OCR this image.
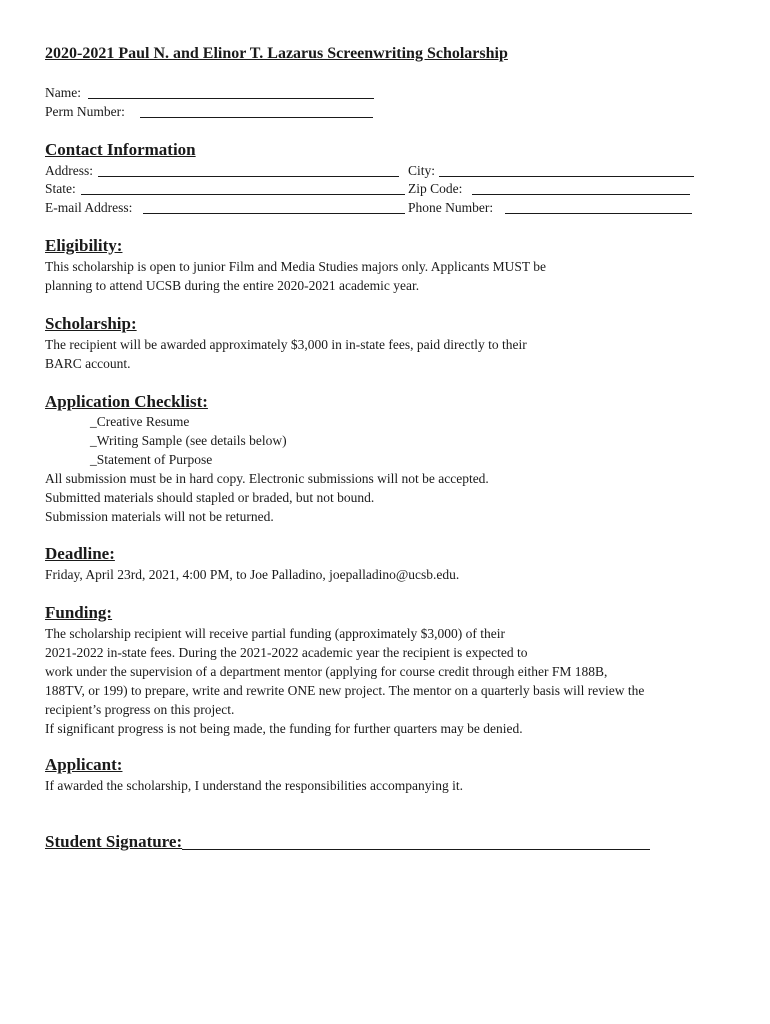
2020-2021 Paul N. and Elinor T. Lazarus Screenwriting Scholarship
Name:
Perm Number:
Contact Information
Address:	City:
State:	Zip Code:
E-mail Address:	Phone Number:
Eligibility:
This scholarship is open to junior Film and Media Studies majors only. Applicants MUST be
planning to attend UCSB during the entire 2020-2021 academic year.
Scholarship:
The recipient will be awarded approximately $3,000 in in-state fees, paid directly to their
BARC account.
Application Checklist:
_Creative Resume
_Writing Sample (see details below)
_Statement of Purpose
All submission must be in hard copy. Electronic submissions will not be accepted.
Submitted materials should stapled or braded, but not bound.
Submission materials will not be returned.
Deadline:
Friday, April 23rd, 2021, 4:00 PM, to Joe Palladino, joepalladino@ucsb.edu.
Funding:
The scholarship recipient will receive partial funding (approximately $3,000) of their
2021-2022 in-state fees. During the 2021-2022 academic year the recipient is expected to
work under the supervision of a department mentor (applying for course credit through either FM 188B,
188TV, or 199) to prepare, write and rewrite ONE new project. The mentor on a quarterly basis will review the
recipient’s progress on this project.
If significant progress is not being made, the funding for further quarters may be denied.
Applicant:
If awarded the scholarship, I understand the responsibilities accompanying it.
Student Signature:
